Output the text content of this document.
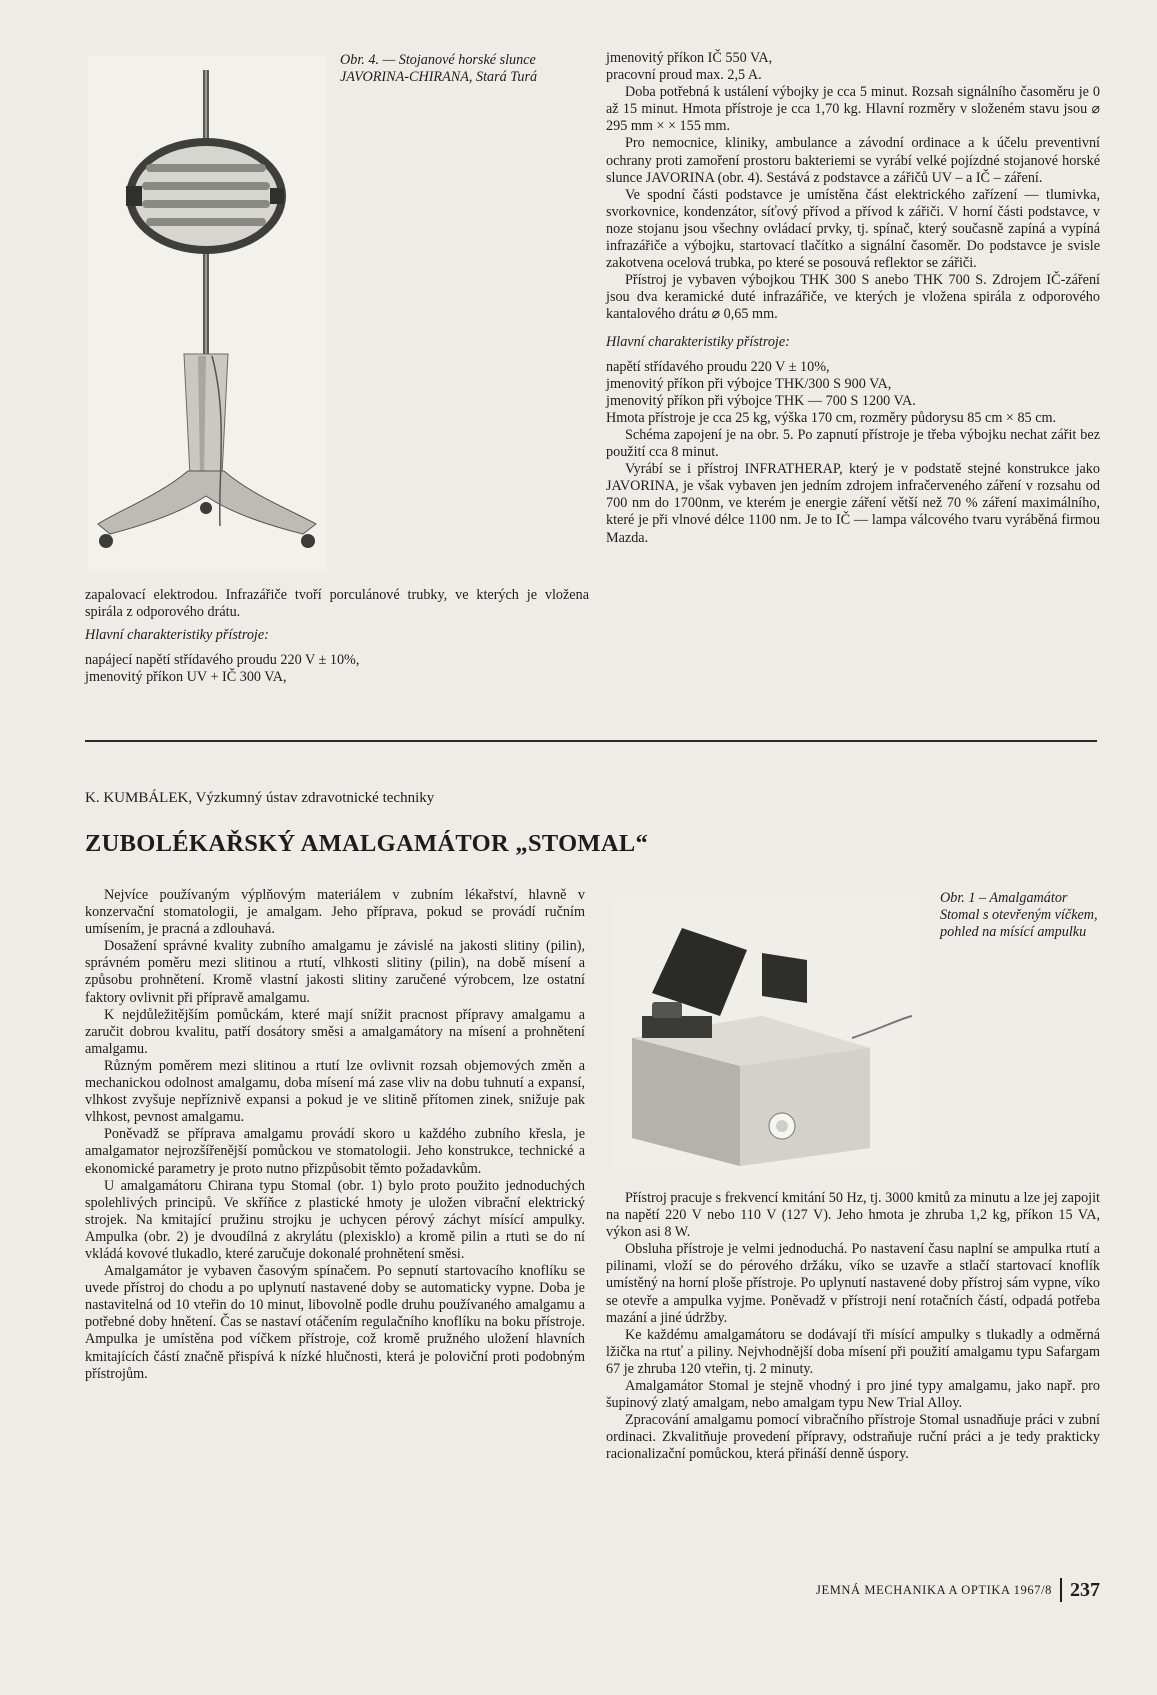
Obr. 4. — Stojanové horské slunce JAVORINA-CHIRANA, Stará Turá

zapalovací elektrodou. Infrazářiče tvoří porculánové trubky, ve kterých je vložena spirála z odporového drátu.

Hlavní charakteristiky přístroje:
napájecí napětí střídavého proudu 220 V ± 10%,
jmenovitý příkon UV + IČ 300 VA,

jmenovitý příkon IČ 550 VA,

pracovní proud max. 2,5 A.

Doba potřebná k ustálení výbojky je cca 5 minut. Rozsah signálního časoměru je 0 až 15 minut. Hmota přístroje je cca 1,70 kg. Hlavní rozměry v složeném stavu jsou ⌀ 295 mm × × 155 mm.

Pro nemocnice, kliniky, ambulance a závodní ordinace a k účelu preventivní ochrany proti zamoření prostoru bakteriemi se vyrábí velké pojízdné stojanové horské slunce JAVORINA (obr. 4). Sestává z podstavce a zářičů UV – a IČ – záření.

Ve spodní části podstavce je umístěna část elektrického zařízení — tlumivka, svorkovnice, kondenzátor, síťový přívod a přívod k zářiči. V horní části podstavce, v noze stojanu jsou všechny ovládací prvky, tj. spínač, který současně zapíná a vypíná infrazářiče a výbojku, startovací tlačítko a signální časoměr. Do podstavce je svisle zakotvena ocelová trubka, po které se posouvá reflektor se zářiči.

Přístroj je vybaven výbojkou THK 300 S anebo THK 700 S. Zdrojem IČ-záření jsou dva keramické duté infrazářiče, ve kterých je vložena spirála z odporového kantalového drátu ⌀ 0,65 mm.

Hlavní charakteristiky přístroje:
napětí střídavého proudu 220 V ± 10%,
jmenovitý příkon při výbojce THK/300 S 900 VA,
jmenovitý příkon při výbojce THK — 700 S 1200 VA.

Hmota přístroje je cca 25 kg, výška 170 cm, rozměry půdorysu 85 cm × 85 cm.

Schéma zapojení je na obr. 5. Po zapnutí přístroje je třeba výbojku nechat zářit bez použití cca 8 minut.

Vyrábí se i přístroj INFRATHERAP, který je v podstatě stejné konstrukce jako JAVORINA, je však vybaven jen jedním zdrojem infračerveného záření v rozsahu od 700 nm do 1700nm, ve kterém je energie záření větší než 70 % záření maximálního, které je při vlnové délce 1100 nm. Je to IČ — lampa válcového tvaru vyráběná firmou Mazda.

K. KUMBÁLEK, Výzkumný ústav zdravotnické techniky
ZUBOLÉKAŘSKÝ AMALGAMÁTOR „STOMAL“

Nejvíce používaným výplňovým materiálem v zubním lékařství, hlavně v konzervační stomatologii, je amalgam. Jeho příprava, pokud se provádí ručním umísením, je pracná a zdlouhavá.

Dosažení správné kvality zubního amalgamu je závislé na jakosti slitiny (pilin), správném poměru mezi slitinou a rtutí, vlhkosti slitiny (pilin), na době mísení a způsobu prohnětení. Kromě vlastní jakosti slitiny zaručené výrobcem, lze ostatní faktory ovlivnit při přípravě amalgamu.

K nejdůležitějším pomůckám, které mají snížit pracnost přípravy amalgamu a zaručit dobrou kvalitu, patří dosátory směsi a amalgamátory na mísení a prohnětení amalgamu.

Různým poměrem mezi slitinou a rtutí lze ovlivnit rozsah objemových změn a mechanickou odolnost amalgamu, doba mísení má zase vliv na dobu tuhnutí a expansí, vlhkost zvyšuje nepříznivě expansi a pokud je ve slitině přítomen zinek, snižuje pak vlhkost, pevnost amalgamu.

Poněvadž se příprava amalgamu provádí skoro u každého zubního křesla, je amalgamator nejrozšířenější pomůckou ve stomatologii. Jeho konstrukce, technické a ekonomické parametry je proto nutno přizpůsobit těmto požadavkům.

U amalgamátoru Chirana typu Stomal (obr. 1) bylo proto použito jednoduchých spolehlivých principů. Ve skříňce z plastické hmoty je uložen vibrační elektrický strojek. Na kmitající pružinu strojku je uchycen pérový záchyt mísící ampulky. Ampulka (obr. 2) je dvoudílná z akrylátu (plexisklo) a kromě pilin a rtuti se do ní vkládá kovové tlukadlo, které zaručuje dokonalé prohnětení směsi.

Amalgamátor je vybaven časovým spínačem. Po sepnutí startovacího knoflíku se uvede přístroj do chodu a po uplynutí nastavené doby se automaticky vypne. Doba je nastavitelná od 10 vteřin do 10 minut, libovolně podle druhu používaného amalgamu a potřebné doby hnětení. Čas se nastaví otáčením regulačního knoflíku na boku přístroje. Ampulka je umístěna pod víčkem přístroje, což kromě pružného uložení hlavních kmitajících částí značně přispívá k nízké hlučnosti, která je poloviční proti podobným přístrojům.

Obr. 1 – Amalgamátor Stomal s otevřeným víčkem, pohled na mísící ampulku

Přístroj pracuje s frekvencí kmitání 50 Hz, tj. 3000 kmitů za minutu a lze jej zapojit na napětí 220 V nebo 110 V (127 V). Jeho hmota je zhruba 1,2 kg, příkon 15 VA, výkon asi 8 W.

Obsluha přístroje je velmi jednoduchá. Po nastavení času naplní se ampulka rtutí a pilinami, vloží se do pérového držáku, víko se uzavře a stlačí startovací knoflík umístěný na horní ploše přístroje. Po uplynutí nastavené doby přístroj sám vypne, víko se otevře a ampulka vyjme. Poněvadž v přístroji není rotačních částí, odpadá potřeba mazání a jiné údržby.

Ke každému amalgamátoru se dodávají tři mísící ampulky s tlukadly a odměrná lžička na rtuť a piliny. Nejvhodnější doba mísení při použití amalgamu typu Safargam 67 je zhruba 120 vteřin, tj. 2 minuty.

Amalgamátor Stomal je stejně vhodný i pro jiné typy amalgamu, jako např. pro šupinový zlatý amalgam, nebo amalgam typu New Trial Alloy.

Zpracování amalgamu pomocí vibračního přístroje Stomal usnadňuje práci v zubní ordinaci. Zkvalitňuje provedení přípravy, odstraňuje ruční práci a je tedy prakticky racionalizační pomůckou, která přináší denně úspory.

JEMNÁ MECHANIKA A OPTIKA 1967/8 237
